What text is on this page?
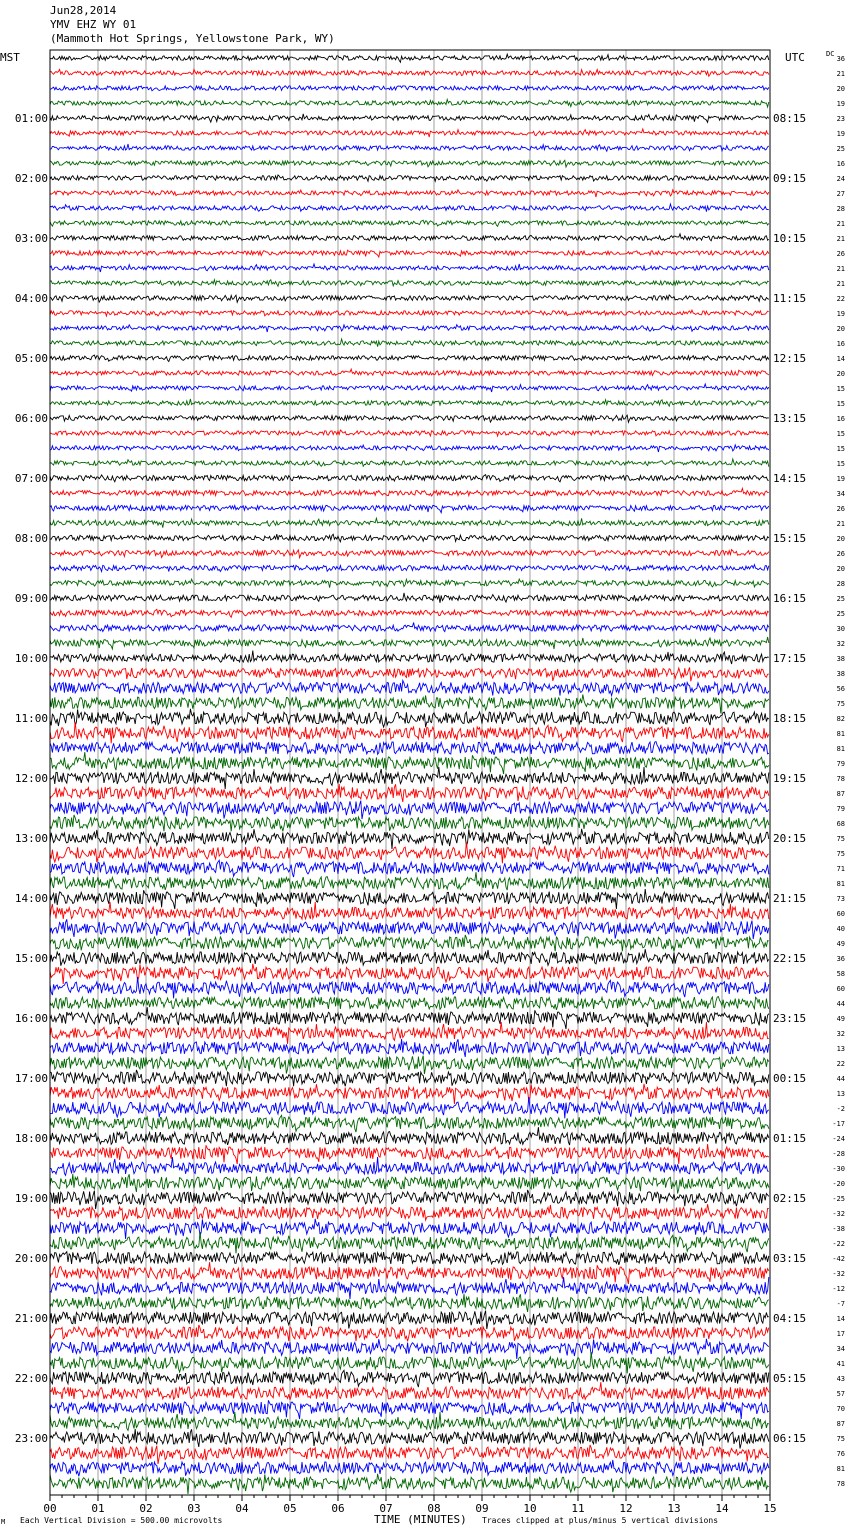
Jun28,2014
YMV EHZ WY 01
(Mammoth Hot Springs, Yellowstone Park, WY)
MST	UTC	DC
M Each Vertical Division = 500.00 microvolts	TIME (MINUTES) Traces clipped at plus/minus 5 vertical divisions
00	01	02	03	04	05	06	07	08	09	10	11	12	13	14	15
01:00
02:00
03:00
04:00
05:00
06:00
07:00
08:00
09:00
10:00
11:00
12:00
13:00
14:00
15:00
16:00
17:00
18:00
19:00
20:00
21:00
22:00
23:00
08:15
09:15
10:15
11:15
12:15
13:15
14:15
15:15
16:15
17:15
18:15
19:15
20:15
21:15
22:15
23:15
00:15
01:15
02:15
03:15
04:15
05:15
06:15
36
21
20
19
23
19
25
16
24
27
28
21
21
26
21
21
22
19
20
16
14
20
15
15
16
15
15
15
19
34
26
21
20
26
20
28
25
25
30
32
38
38
56
75
82
81
81
79
78
87
79
68
75
75
71
81
73
60
40
49
36
58
60
44
49
32
13
22
44
13
-2
-17
-24
-28
-30
-20
-25
-32
-38
-22
-42
-32
-12
-7
14
17
34
41
43
57
70
87
75
76
81
78
